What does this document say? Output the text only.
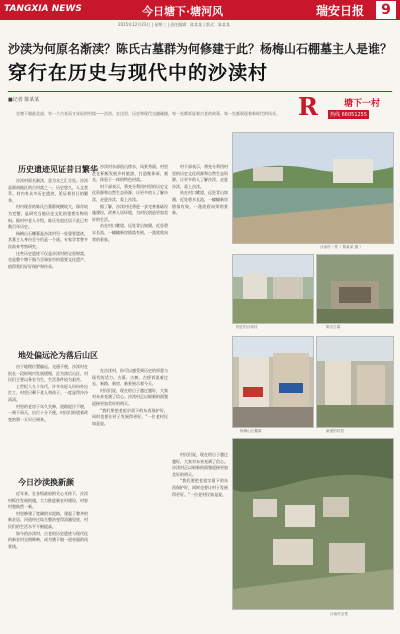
TANGXIA NEWS	今日塘下·塘河风	瑞安日报	9
2015年12月23日 | 星期三 | 责任编辑：陈某某 | 版式：陈某某
沙渎为何原名渐渎？陈氏古墓群为何修建于此？杨梅山石棚墓主人是谁？
穿行在历史与现代中的沙渎村
■记者 陈某某
在塘下镇最北部，有一个古老而又年轻的村落——沙渎。在这里，历史和现代交融碰撞，每一处都诉说着古老的故事，每一处都展现着新时代的风采。 R	塘下一村
热线 66051255
历史遗迹见证昔日繁华

沙渎村原名渐渎，意为水之汇合处。沙渎是浙南地区的古村落之一，历史悠久，人文荟萃。村内有众多历史遗迹，见证着昔日的繁华。

村内现存的陈氏古墓群规模较大，保存较为完整，是研究当地历史文化的重要实物资料。据村中老人介绍，陈氏先祖迁居于此已有数百年历史。

杨梅山石棚墓是沙渎村另一处重要遗迹，其墓主人身份至今仍是一个谜。专家学者曾多次前来考察研究。

这些历史遗迹不仅是沙渎村的宝贵财富，也是整个塘下镇乃至瑞安市的重要文化遗产，值得我们好好保护和传承。

地处偏远沦为落后山区

由于地理位置偏远，交通不便，沙渎村在很长一段时间内发展缓慢，沦为落后山区。村民们主要以务农为生，生活条件较为艰苦。

上世纪八九十年代，许多年轻人纷纷外出打工，村里只剩下老人和孩子，一度显得冷冷清清。

村里的老房子年久失修，道路泥泞不堪，一到下雨天，出行十分不便。村民们盼望着改变的那一天早日到来。

今日沙渎换新颜

近年来，在各级政府的关心支持下，沙渎村抓住发展机遇，大力推进新农村建设，村容村貌焕然一新。

村里修建了宽阔的水泥路，建起了整齐的新农居，河道经过综合整治变得清澈见底，村民们的生活水平不断提高。

如今的沙渎村，古老的历史遗迹与现代化的新农村交相辉映，成为塘下镇一道亮丽的风景线。

沙渎村东部依山傍水，风景秀丽。村里正在积极发展乡村旅游，打造集休闲、观光、体验于一体的特色村落。

村干部表示，将充分利用村里的历史文化资源和自然生态资源，让更多的人了解沙渎、走进沙渎、爱上沙渎。

据了解，沙渎村还将进一步完善基础设施建设，改善人居环境，为村民创造更加美好的生活。

站在村口眺望，远处青山如黛，近处碧水长流，一幢幢新房错落有致，一派欣欣向荣的景象。

在沙渎村，你可以感受到历史的厚重与现代的活力。古墓、古树、古桥诉说着过去，新路、新房、新景展示着今天。

村民们说，现在的日子越过越好，大家对未来充满了信心。沙渎村正以崭新的面貌迎接更加美好的明天。

“我们要把老祖宗留下的东西保护好，同时也要让村子发展得更好。”一位老村民如是说。

村干部表示，将充分利用村里的历史文化资源和自然生态资源，让更多的人了解沙渎、走进沙渎、爱上沙渎。

站在村口眺望，远处青山如黛，近处碧水长流，一幢幢新房错落有致，一派欣欣向荣的景象。

村民们说，现在的日子越过越好，大家对未来充满了信心。沙渎村正以崭新的面貌迎接更加美好的明天。

“我们要把老祖宗留下的东西保护好，同时也要让村子发展得更好。”一位老村民如是说。

沙渎村一景（ 陈某某 摄 ）
现在的沙渎村	陈氏古墓
杨梅山石棚墓	新建的村居
沙渎村全景
